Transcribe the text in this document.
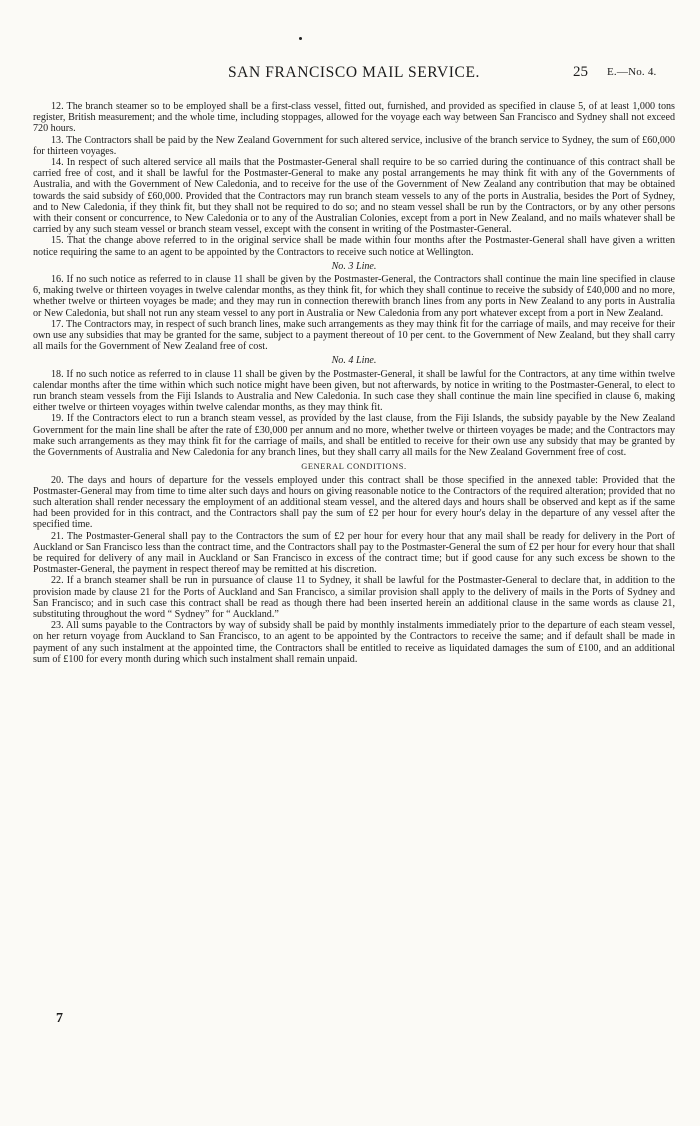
SAN FRANCISCO MAIL SERVICE.	25 E.—No. 4.

12. The branch steamer so to be employed shall be a first-class vessel, fitted out, furnished, and provided as specified in clause 5, of at least 1,000 tons register, British measurement; and the whole time, including stoppages, allowed for the voyage each way between San Francisco and Sydney shall not exceed 720 hours.

13. The Contractors shall be paid by the New Zealand Government for such altered service, inclusive of the branch service to Sydney, the sum of £60,000 for thirteen voyages.

14. In respect of such altered service all mails that the Postmaster-General shall require to be so carried during the continuance of this contract shall be carried free of cost, and it shall be lawful for the Postmaster-General to make any postal arrangements he may think fit with any of the Governments of Australia, and with the Government of New Caledonia, and to receive for the use of the Government of New Zealand any contribution that may be obtained towards the said subsidy of £60,000. Provided that the Contractors may run branch steam vessels to any of the ports in Australia, besides the Port of Sydney, and to New Caledonia, if they think fit, but they shall not be required to do so; and no steam vessel shall be run by the Contractors, or by any other persons with their consent or concurrence, to New Caledonia or to any of the Australian Colonies, except from a port in New Zealand, and no mails whatever shall be carried by any such steam vessel or branch steam vessel, except with the consent in writing of the Postmaster-General.

15. That the change above referred to in the original service shall be made within four months after the Postmaster-General shall have given a written notice requiring the same to an agent to be appointed by the Contractors to receive such notice at Wellington.

No. 3 Line.

16. If no such notice as referred to in clause 11 shall be given by the Postmaster-General, the Contractors shall continue the main line specified in clause 6, making twelve or thirteen voyages in twelve calendar months, as they think fit, for which they shall continue to receive the subsidy of £40,000 and no more, whether twelve or thirteen voyages be made; and they may run in connection therewith branch lines from any ports in New Zealand to any ports in Australia or New Caledonia, but shall not run any steam vessel to any port in Australia or New Caledonia from any port whatever except from a port in New Zealand.

17. The Contractors may, in respect of such branch lines, make such arrangements as they may think fit for the carriage of mails, and may receive for their own use any subsidies that may be granted for the same, subject to a payment thereout of 10 per cent. to the Government of New Zealand, but they shall carry all mails for the Government of New Zealand free of cost.

No. 4 Line.

18. If no such notice as referred to in clause 11 shall be given by the Postmaster-General, it shall be lawful for the Contractors, at any time within twelve calendar months after the time within which such notice might have been given, but not afterwards, by notice in writing to the Postmaster-General, to elect to run branch steam vessels from the Fiji Islands to Australia and New Caledonia. In such case they shall continue the main line specified in clause 6, making either twelve or thirteen voyages within twelve calendar months, as they may think fit.

19. If the Contractors elect to run a branch steam vessel, as provided by the last clause, from the Fiji Islands, the subsidy payable by the New Zealand Government for the main line shall be after the rate of £30,000 per annum and no more, whether twelve or thirteen voyages be made; and the Contractors may make such arrangements as they may think fit for the carriage of mails, and shall be entitled to receive for their own use any subsidy that may be granted by the Governments of Australia and New Caledonia for any branch lines, but they shall carry all mails for the New Zealand Government free of cost.

GENERAL CONDITIONS.

20. The days and hours of departure for the vessels employed under this contract shall be those specified in the annexed table: Provided that the Postmaster-General may from time to time alter such days and hours on giving reasonable notice to the Contractors of the required alteration; provided that no such alteration shall render necessary the employment of an additional steam vessel, and the altered days and hours shall be observed and kept as if the same had been provided for in this contract, and the Contractors shall pay the sum of £2 per hour for every hour's delay in the departure of any vessel after the specified time.

21. The Postmaster-General shall pay to the Contractors the sum of £2 per hour for every hour that any mail shall be ready for delivery in the Port of Auckland or San Francisco less than the contract time, and the Contractors shall pay to the Postmaster-General the sum of £2 per hour for every hour that shall be required for delivery of any mail in Auckland or San Francisco in excess of the contract time; but if good cause for any such excess be shown to the Postmaster-General, the payment in respect thereof may be remitted at his discretion.

22. If a branch steamer shall be run in pursuance of clause 11 to Sydney, it shall be lawful for the Postmaster-General to declare that, in addition to the provision made by clause 21 for the Ports of Auckland and San Francisco, a similar provision shall apply to the delivery of mails in the Ports of Sydney and San Francisco; and in such case this contract shall be read as though there had been inserted herein an additional clause in the same words as clause 21, substituting throughout the word “ Sydney” for “ Auckland.”

23. All sums payable to the Contractors by way of subsidy shall be paid by monthly instalments immediately prior to the departure of each steam vessel, on her return voyage from Auckland to San Francisco, to an agent to be appointed by the Contractors to receive the same; and if default shall be made in payment of any such instalment at the appointed time, the Contractors shall be entitled to receive as liquidated damages the sum of £100, and an additional sum of £100 for every month during which such instalment shall remain unpaid.

7
